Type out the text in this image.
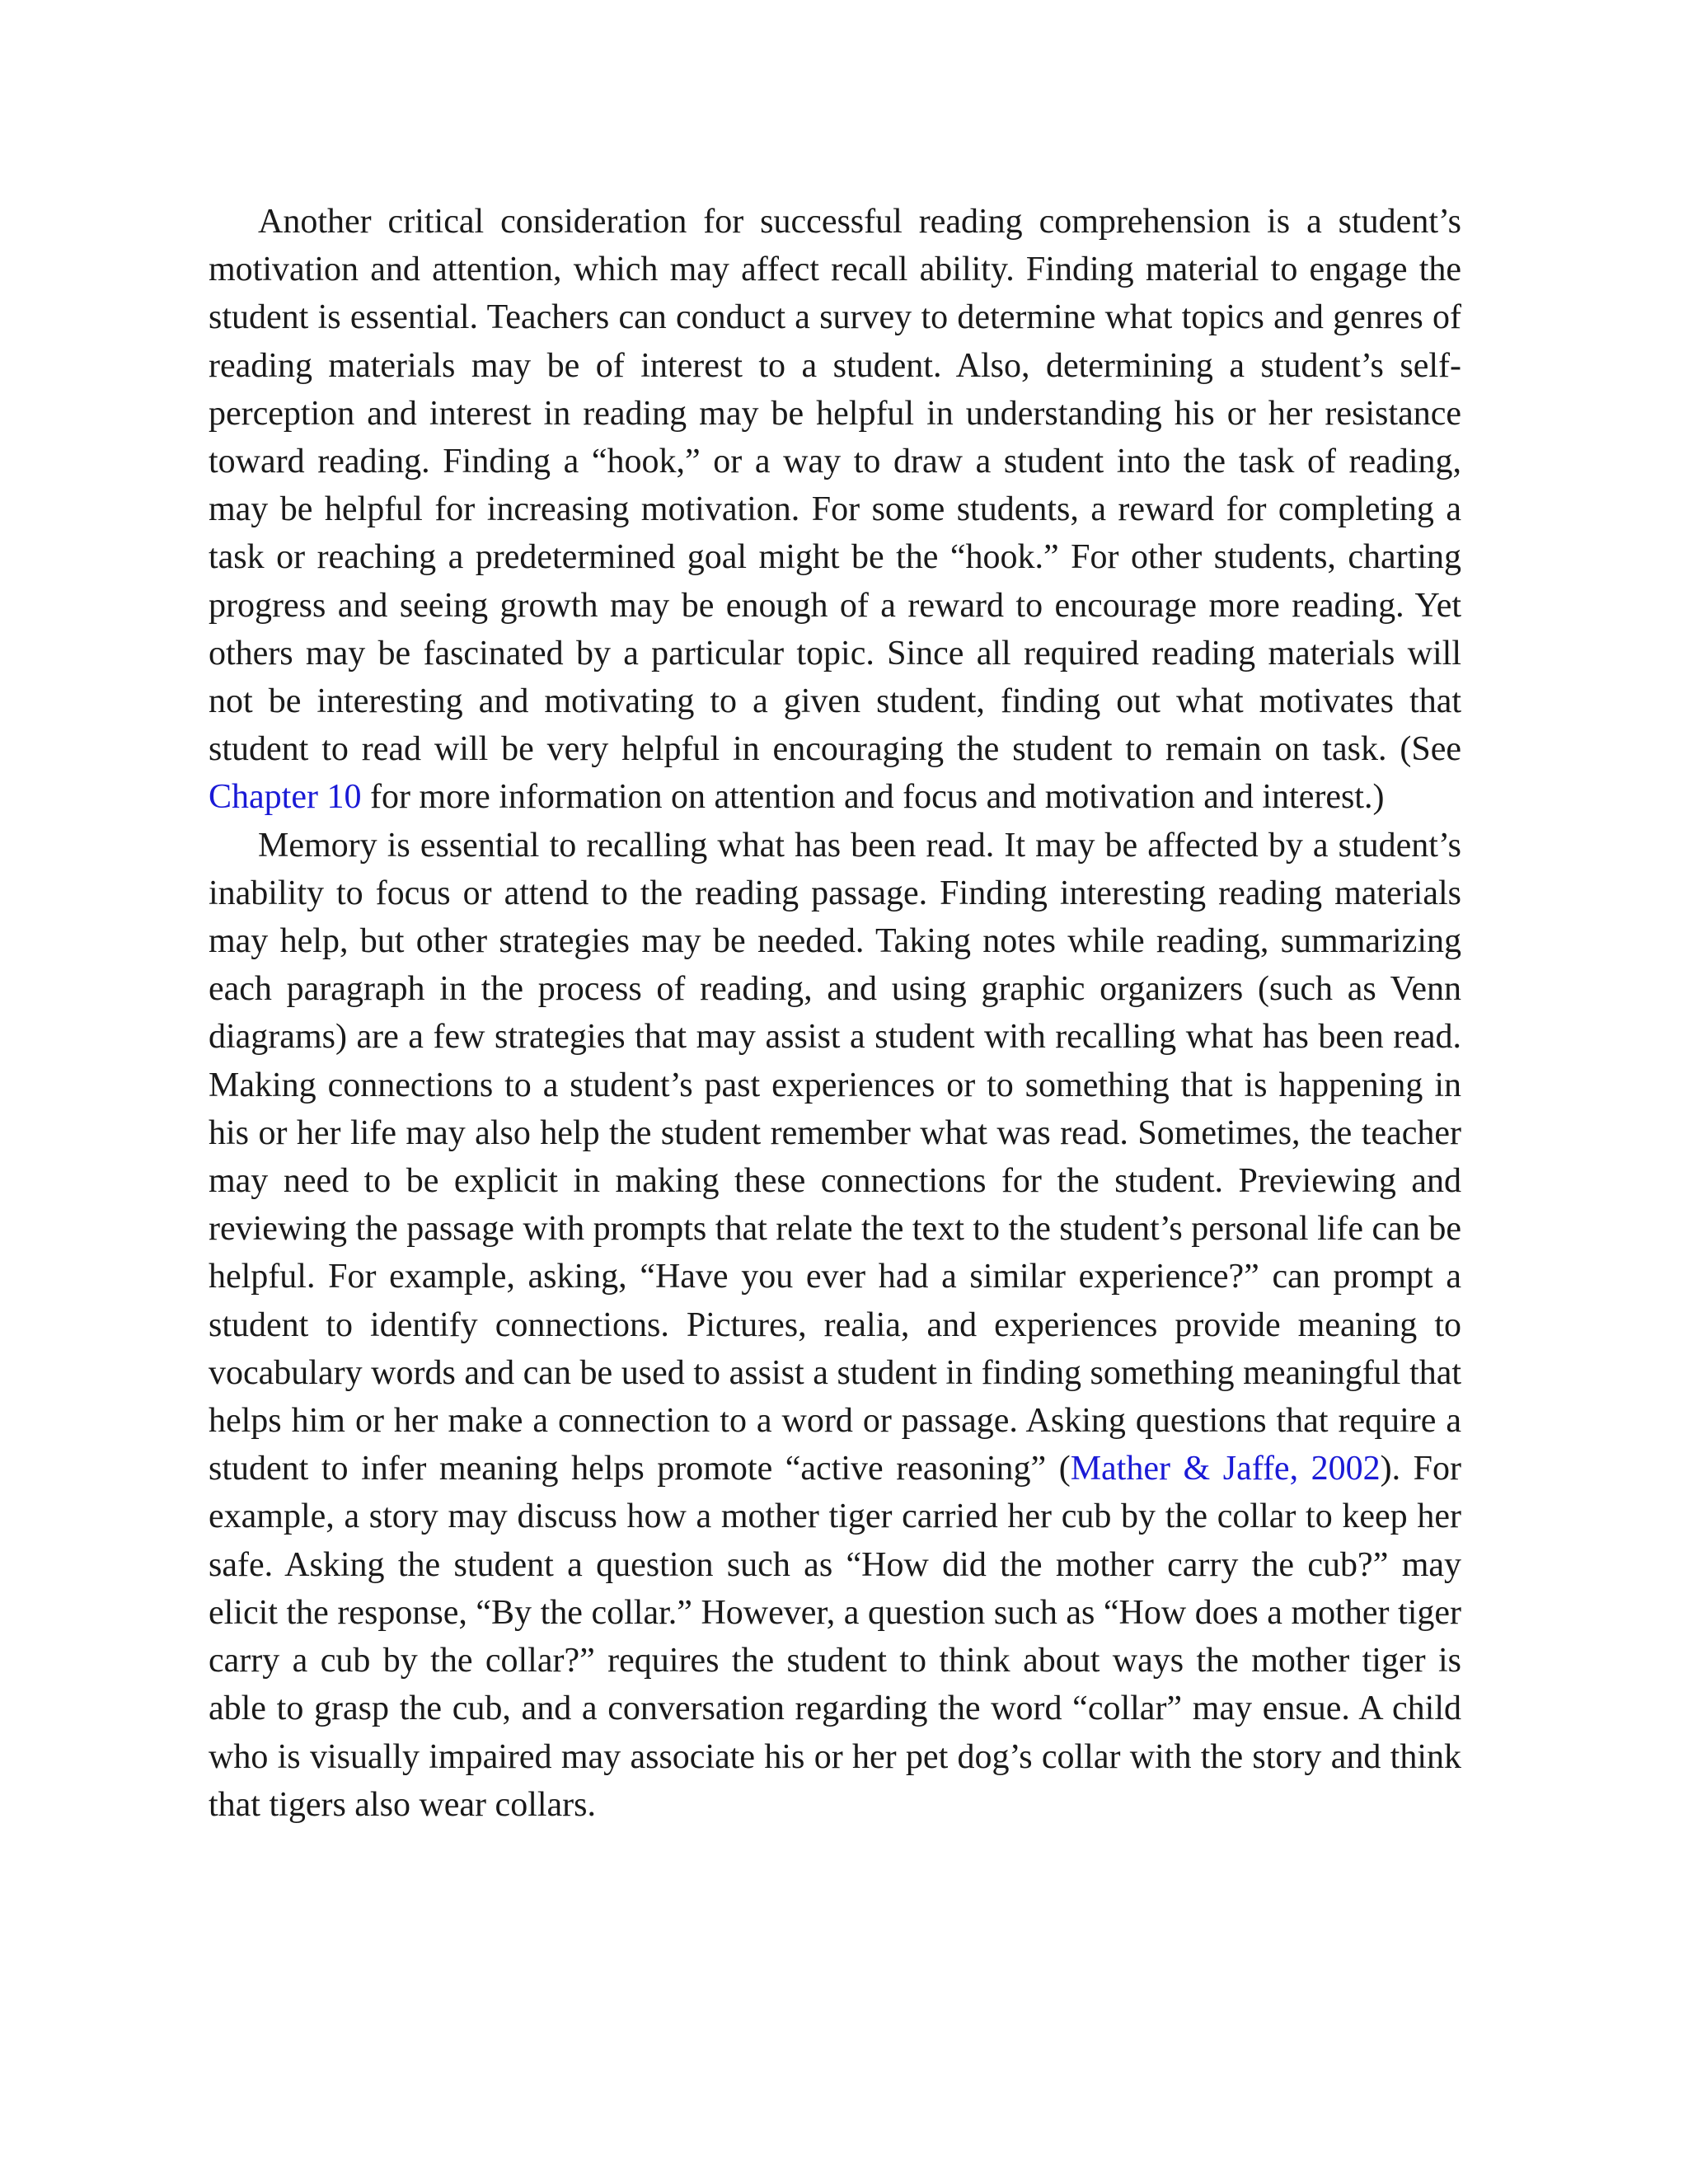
Another critical consideration for successful reading comprehension is a student’s motivation and attention, which may affect recall ability. Finding material to engage the student is essential. Teachers can conduct a survey to determine what topics and genres of reading materials may be of interest to a student. Also, determining a student’s self-perception and interest in reading may be helpful in understanding his or her resistance toward reading. Finding a “hook,” or a way to draw a student into the task of reading, may be helpful for increasing motivation. For some students, a reward for completing a task or reaching a predetermined goal might be the “hook.” For other students, charting progress and seeing growth may be enough of a reward to encourage more reading. Yet others may be fascinated by a particular topic. Since all required reading materials will not be interesting and motivating to a given student, finding out what motivates that student to read will be very helpful in encouraging the student to remain on task. (See Chapter 10 for more information on attention and focus and motivation and interest.)

Memory is essential to recalling what has been read. It may be affected by a student’s inability to focus or attend to the reading passage. Finding interesting reading materials may help, but other strategies may be needed. Taking notes while reading, summarizing each paragraph in the process of reading, and using graphic organizers (such as Venn diagrams) are a few strategies that may assist a student with recalling what has been read. Making connections to a student’s past experiences or to something that is happening in his or her life may also help the student remember what was read. Sometimes, the teacher may need to be explicit in making these connections for the student. Previewing and reviewing the passage with prompts that relate the text to the student’s personal life can be helpful. For example, asking, “Have you ever had a similar experience?” can prompt a student to identify connections. Pictures, realia, and experiences provide meaning to vocabulary words and can be used to assist a student in finding something meaningful that helps him or her make a connection to a word or passage. Asking questions that require a student to infer meaning helps promote “active reasoning” (Mather & Jaffe, 2002). For example, a story may discuss how a mother tiger carried her cub by the collar to keep her safe. Asking the student a question such as “How did the mother carry the cub?” may elicit the response, “By the collar.” However, a question such as “How does a mother tiger carry a cub by the collar?” requires the student to think about ways the mother tiger is able to grasp the cub, and a conversation regarding the word “collar” may ensue. A child who is visually impaired may associate his or her pet dog’s collar with the story and think that tigers also wear collars.
